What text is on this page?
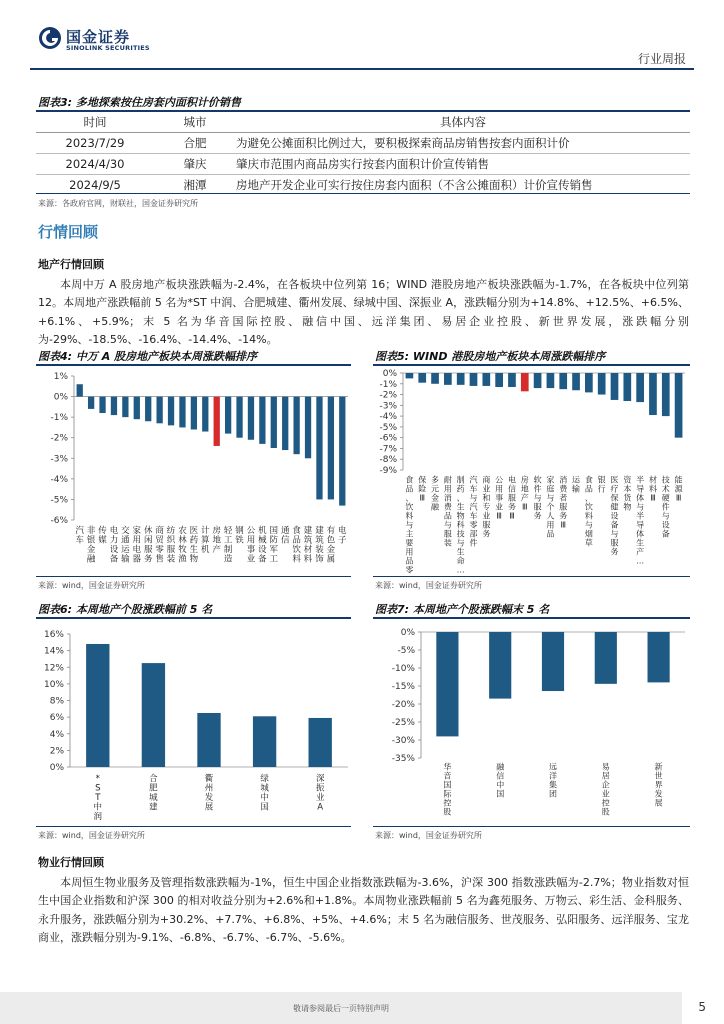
国金证券
SINOLINK SECURITIES
行业周报
图表3: 多地探索按住房套内面积计价销售
时间	城市	具体内容
2023/7/29	合肥	为避免公摊面积比例过大，要积极探索商品房销售按套内面积计价
2024/4/30	肇庆	肇庆市范围内商品房实行按套内面积计价宣传销售
2024/9/5	湘潭	房地产开发企业可实行按住房套内面积（不含公摊面积）计价宣传销售
来源：各政府官网，财联社，国金证券研究所
行情回顾
地产行情回顾
本周中万 A 股房地产板块涨跌幅为-2.4%，在各板块中位列第 16；WIND 港股房地产板块涨跌幅为-1.7%，在各板块中位列第 12。本周地产涨跌幅前 5 名为*ST 中润、合肥城建、衢州发展、绿城中国、深振业 A，涨跌幅分别为+14.8%、+12.5%、+6.5%、+6.1%、+5.9%；末 5 名为华音国际控股、融信中国、远洋集团、易居企业控股、新世界发展，涨跌幅分别为-29%、-18.5%、-16.4%、-14.4%、-14%。
图表4: 中万 A 股房地产板块本周涨跌幅排序	图表5: WIND 港股房地产板块本周涨跌幅排序
1%
0%
-1%
-2%
-3%
-4%
-5%
-6%
汽车
非银金融
传媒
电力设备
交通运输
家用电器
休闲服务
商贸零售
纺织服装
农林牧渔
医药生物
计算机
房地产
轻工制造
钢铁
公用事业
机械设备
国防军工
通信
食品饮料
建筑材料
建筑装饰
有色金属
电子
0%
-1%
-2%
-3%
-4%
-5%
-6%
-7%
-8%
-9%
食品、饮料与主要用品零
保险 Ⅲ
多元金融
耐用消费品与服装
制药、生物科技与生命…
汽车与汽车零部件
商业和专业服务
公用事业 Ⅲ
电信服务 Ⅲ
房地产 Ⅲ
软件与服务
家庭与个人用品
消费者服务 Ⅲ
运输
食品、饮料与烟草
银行
医疗保健设备与服务
资本货物
半导体与半导体生产…
材料 Ⅲ
技术硬件与设备
能源 Ⅲ
来源：wind，国金证券研究所	来源：wind，国金证券研究所
图表6: 本周地产个股涨跌幅前 5 名	图表7: 本周地产个股涨跌幅末 5 名
16%
14%
12%
10%
8%
6%
4%
2%
0%
* S T 中润
合肥城建
衢州发展
绿城中国
深振业 A
0%
-5%
-10%
-15%
-20%
-25%
-30%
-35%
华音国际控股
融信中国
远洋集团
易居企业控股
新世界发展
来源：wind，国金证券研究所	来源：wind，国金证券研究所
物业行情回顾
本周恒生物业服务及管理指数涨跌幅为-1%，恒生中国企业指数涨跌幅为-3.6%，沪深 300 指数涨跌幅为-2.7%；物业指数对恒生中国企业指数和沪深 300 的相对收益分别为+2.6%和+1.8%。本周物业涨跌幅前 5 名为鑫苑服务、万物云、彩生活、金科服务、永升服务，涨跌幅分别为+30.2%、+7.7%、+6.8%、+5%、+4.6%；末 5 名为融信服务、世茂服务、弘阳服务、远洋服务、宝龙商业，涨跌幅分别为-9.1%、-6.8%、-6.7%、-6.7%、-5.6%。
敬请参阅最后一页特别声明	5
